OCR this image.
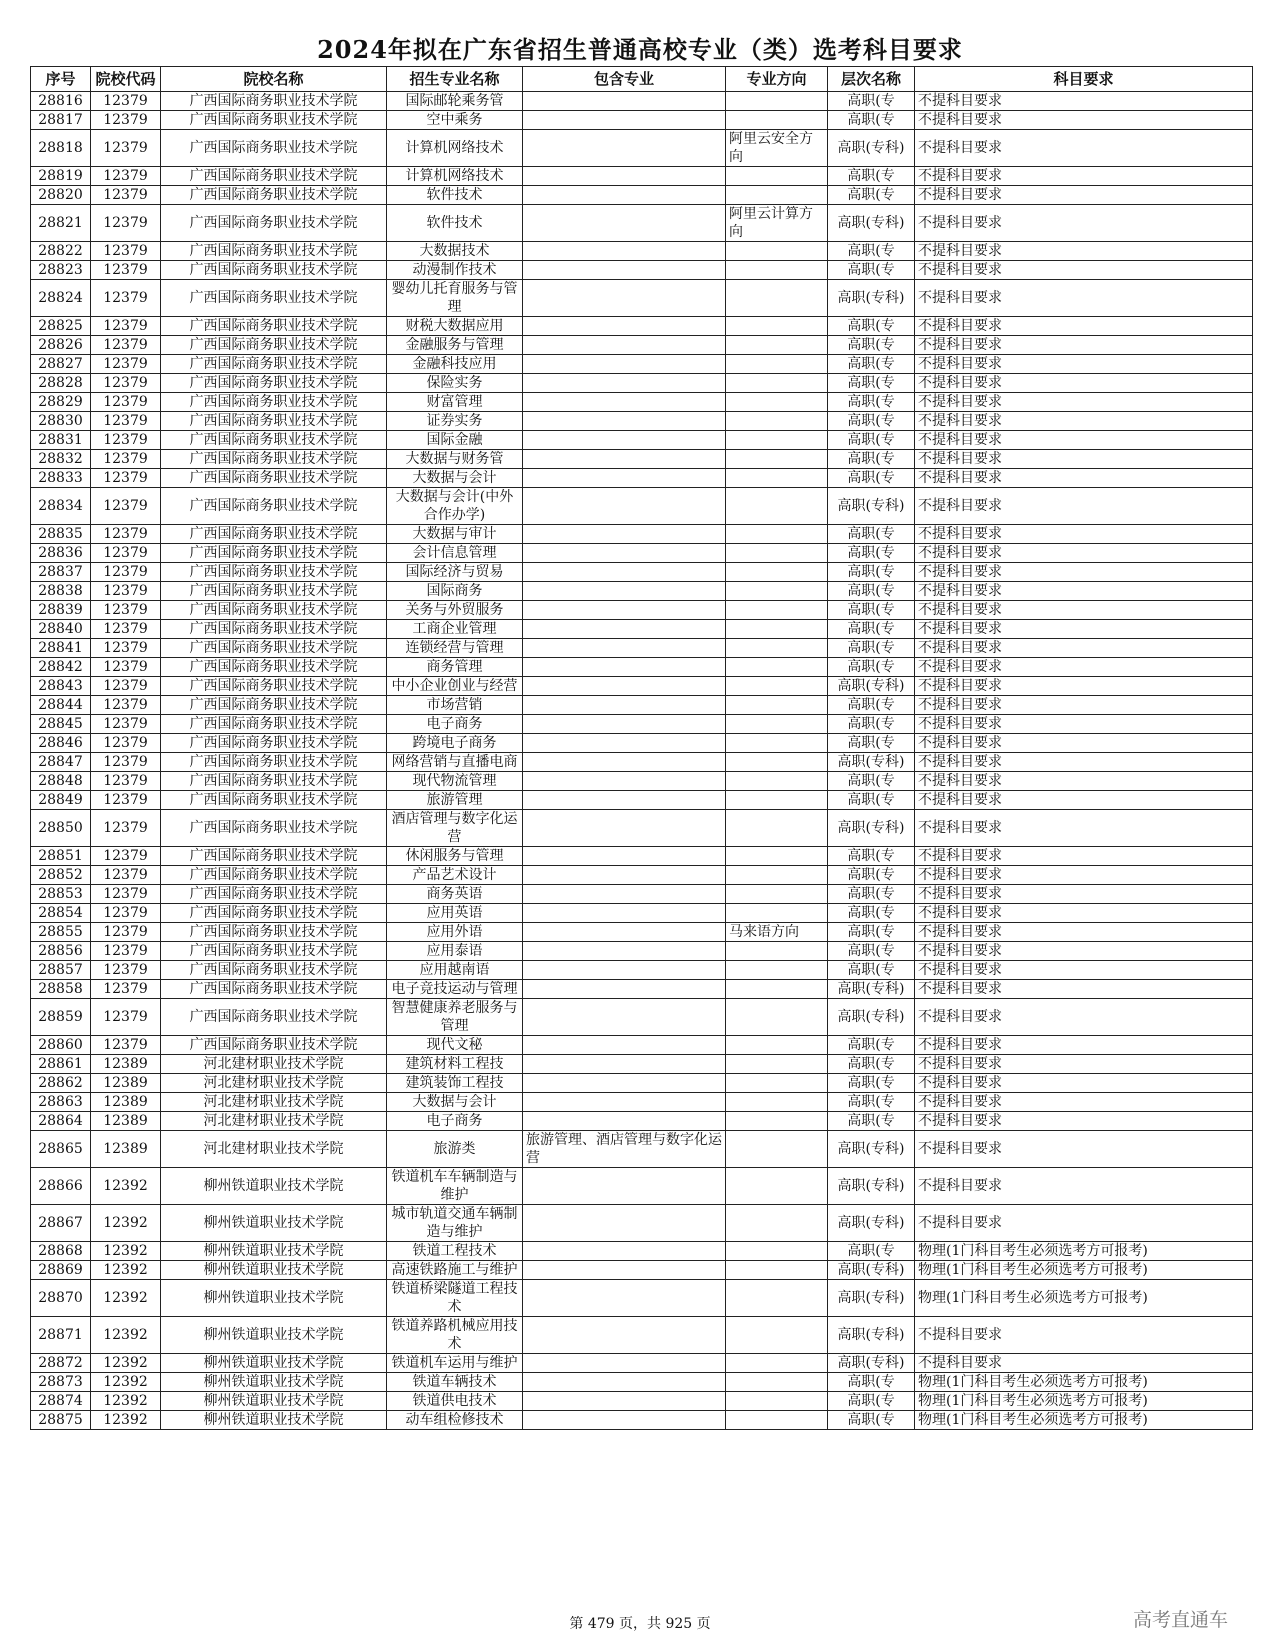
2024年拟在广东省招生普通高校专业（类）选考科目要求
序号	院校代码	院校名称	招生专业名称	包含专业	专业方向	层次名称	科目要求
28816	12379	广西国际商务职业技术学院	国际邮轮乘务管			高职(专	不提科目要求
28817	12379	广西国际商务职业技术学院	空中乘务			高职(专	不提科目要求
28818	12379	广西国际商务职业技术学院	计算机网络技术		阿里云安全方向	高职(专科)	不提科目要求
28819	12379	广西国际商务职业技术学院	计算机网络技术			高职(专	不提科目要求
28820	12379	广西国际商务职业技术学院	软件技术			高职(专	不提科目要求
28821	12379	广西国际商务职业技术学院	软件技术		阿里云计算方向	高职(专科)	不提科目要求
28822	12379	广西国际商务职业技术学院	大数据技术			高职(专	不提科目要求
28823	12379	广西国际商务职业技术学院	动漫制作技术			高职(专	不提科目要求
28824	12379	广西国际商务职业技术学院	婴幼儿托育服务与管理			高职(专科)	不提科目要求
28825	12379	广西国际商务职业技术学院	财税大数据应用			高职(专	不提科目要求
28826	12379	广西国际商务职业技术学院	金融服务与管理			高职(专	不提科目要求
28827	12379	广西国际商务职业技术学院	金融科技应用			高职(专	不提科目要求
28828	12379	广西国际商务职业技术学院	保险实务			高职(专	不提科目要求
28829	12379	广西国际商务职业技术学院	财富管理			高职(专	不提科目要求
28830	12379	广西国际商务职业技术学院	证券实务			高职(专	不提科目要求
28831	12379	广西国际商务职业技术学院	国际金融			高职(专	不提科目要求
28832	12379	广西国际商务职业技术学院	大数据与财务管			高职(专	不提科目要求
28833	12379	广西国际商务职业技术学院	大数据与会计			高职(专	不提科目要求
28834	12379	广西国际商务职业技术学院	大数据与会计(中外合作办学)			高职(专科)	不提科目要求
28835	12379	广西国际商务职业技术学院	大数据与审计			高职(专	不提科目要求
28836	12379	广西国际商务职业技术学院	会计信息管理			高职(专	不提科目要求
28837	12379	广西国际商务职业技术学院	国际经济与贸易			高职(专	不提科目要求
28838	12379	广西国际商务职业技术学院	国际商务			高职(专	不提科目要求
28839	12379	广西国际商务职业技术学院	关务与外贸服务			高职(专	不提科目要求
28840	12379	广西国际商务职业技术学院	工商企业管理			高职(专	不提科目要求
28841	12379	广西国际商务职业技术学院	连锁经营与管理			高职(专	不提科目要求
28842	12379	广西国际商务职业技术学院	商务管理			高职(专	不提科目要求
28843	12379	广西国际商务职业技术学院	中小企业创业与经营			高职(专科)	不提科目要求
28844	12379	广西国际商务职业技术学院	市场营销			高职(专	不提科目要求
28845	12379	广西国际商务职业技术学院	电子商务			高职(专	不提科目要求
28846	12379	广西国际商务职业技术学院	跨境电子商务			高职(专	不提科目要求
28847	12379	广西国际商务职业技术学院	网络营销与直播电商			高职(专科)	不提科目要求
28848	12379	广西国际商务职业技术学院	现代物流管理			高职(专	不提科目要求
28849	12379	广西国际商务职业技术学院	旅游管理			高职(专	不提科目要求
28850	12379	广西国际商务职业技术学院	酒店管理与数字化运营			高职(专科)	不提科目要求
28851	12379	广西国际商务职业技术学院	休闲服务与管理			高职(专	不提科目要求
28852	12379	广西国际商务职业技术学院	产品艺术设计			高职(专	不提科目要求
28853	12379	广西国际商务职业技术学院	商务英语			高职(专	不提科目要求
28854	12379	广西国际商务职业技术学院	应用英语			高职(专	不提科目要求
28855	12379	广西国际商务职业技术学院	应用外语		马来语方向	高职(专	不提科目要求
28856	12379	广西国际商务职业技术学院	应用泰语			高职(专	不提科目要求
28857	12379	广西国际商务职业技术学院	应用越南语			高职(专	不提科目要求
28858	12379	广西国际商务职业技术学院	电子竞技运动与管理			高职(专科)	不提科目要求
28859	12379	广西国际商务职业技术学院	智慧健康养老服务与管理			高职(专科)	不提科目要求
28860	12379	广西国际商务职业技术学院	现代文秘			高职(专	不提科目要求
28861	12389	河北建材职业技术学院	建筑材料工程技			高职(专	不提科目要求
28862	12389	河北建材职业技术学院	建筑装饰工程技			高职(专	不提科目要求
28863	12389	河北建材职业技术学院	大数据与会计			高职(专	不提科目要求
28864	12389	河北建材职业技术学院	电子商务			高职(专	不提科目要求
28865	12389	河北建材职业技术学院	旅游类	旅游管理、酒店管理与数字化运营		高职(专科)	不提科目要求
28866	12392	柳州铁道职业技术学院	铁道机车车辆制造与维护			高职(专科)	不提科目要求
28867	12392	柳州铁道职业技术学院	城市轨道交通车辆制造与维护			高职(专科)	不提科目要求
28868	12392	柳州铁道职业技术学院	铁道工程技术			高职(专	物理(1门科目考生必须选考方可报考)
28869	12392	柳州铁道职业技术学院	高速铁路施工与维护			高职(专科)	物理(1门科目考生必须选考方可报考)
28870	12392	柳州铁道职业技术学院	铁道桥梁隧道工程技术			高职(专科)	物理(1门科目考生必须选考方可报考)
28871	12392	柳州铁道职业技术学院	铁道养路机械应用技术			高职(专科)	不提科目要求
28872	12392	柳州铁道职业技术学院	铁道机车运用与维护			高职(专科)	不提科目要求
28873	12392	柳州铁道职业技术学院	铁道车辆技术			高职(专	物理(1门科目考生必须选考方可报考)
28874	12392	柳州铁道职业技术学院	铁道供电技术			高职(专	物理(1门科目考生必须选考方可报考)
28875	12392	柳州铁道职业技术学院	动车组检修技术			高职(专	物理(1门科目考生必须选考方可报考)
第 479 页，共 925 页	高考直通车
